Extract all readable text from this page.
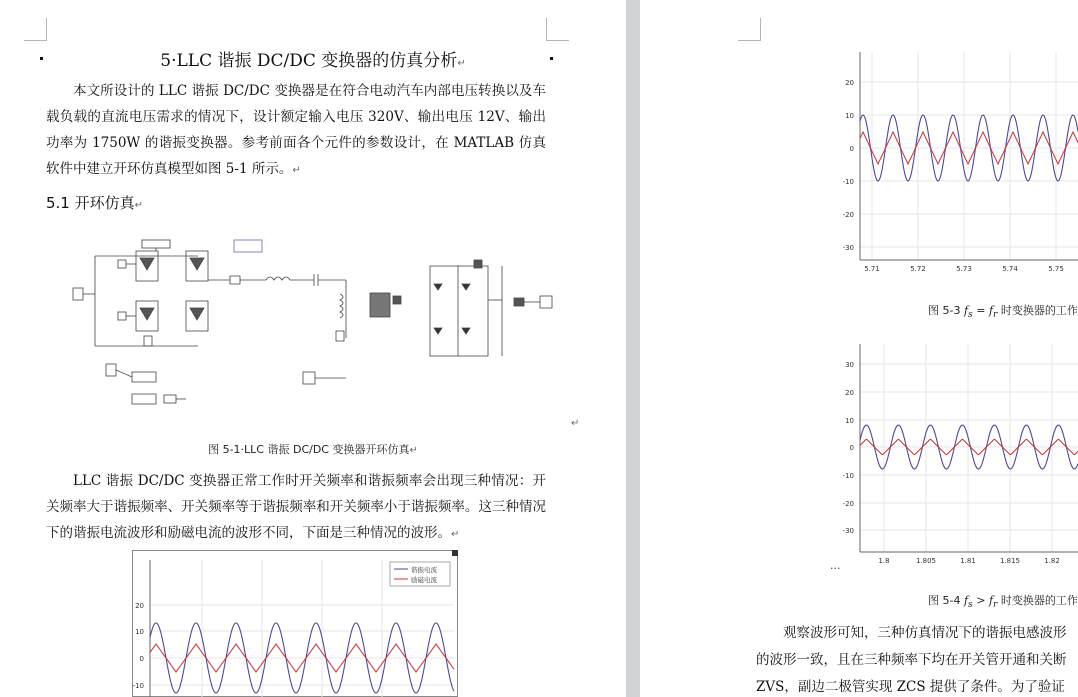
5·LLC 谐振 DC/DC 变换器的仿真分析↵

本文所设计的 LLC 谐振 DC/DC 变换器是在符合电动汽车内部电压转换以及车载负载的直流电压需求的情况下，设计额定输入电压 320V、输出电压 12V、输出功率为 1750W 的谐振变换器。参考前面各个元件的参数设计，在 MATLAB 仿真软件中建立开环仿真模型如图 5-1 所示。↵

5.1 开环仿真↵
↵
图 5-1·LLC 谐振 DC/DC 变换器开环仿真↵

LLC 谐振 DC/DC 变换器正常工作时开关频率和谐振频率会出现三种情况：开关频率大于谐振频率、开关频率等于谐振频率和开关频率小于谐振频率。这三种情况下的谐振电流波形和励磁电流的波形不同，下面是三种情况的波形。↵

20
10
0
-10
谐振电流
励磁电流
20
10
0
-10
-20
-30
5.71	5.72	5.73	5.74	5.75
图 5-3 $f_s = f_r$ 时变换器的工作
30
20
10
0
-10
-20
-30
1.8	1.805	1.81	1.815	1.82
···
图 5-4 $f_s > f_r$ 时变换器的工作
观察波形可知，三种仿真情况下的谐振电感波形
的波形一致，且在三种频率下均在开关管开通和关断
ZVS，副边二极管实现 ZCS 提供了条件。为了验证
